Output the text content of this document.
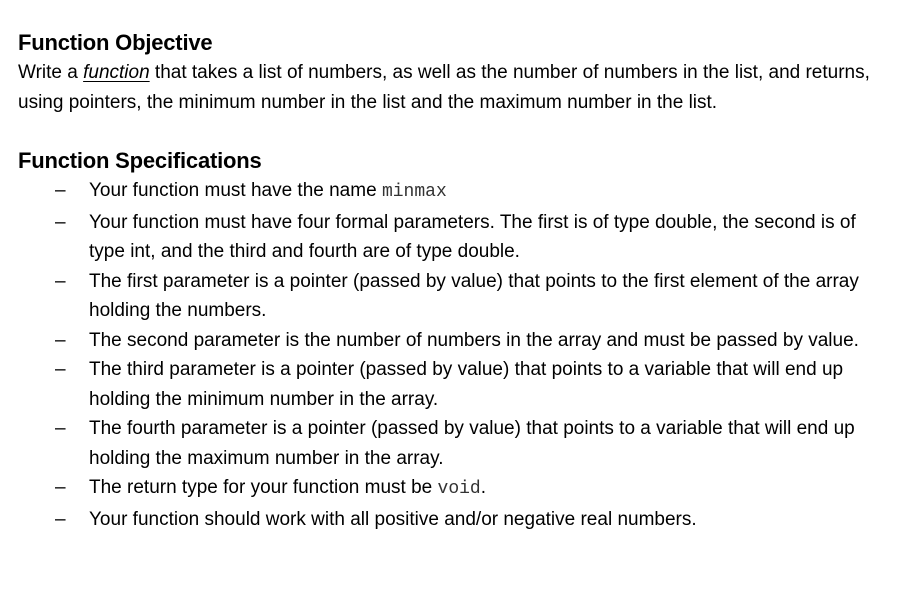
Function Objective

Write a function that takes a list of numbers, as well as the number of numbers in the list, and returns, using pointers, the minimum number in the list and the maximum number in the list.

Function Specifications
– Your function must have the name minmax
– Your function must have four formal parameters. The first is of type double, the second is of type int, and the third and fourth are of type double.
– The first parameter is a pointer (passed by value) that points to the first element of the array holding the numbers.
– The second parameter is the number of numbers in the array and must be passed by value.
– The third parameter is a pointer (passed by value) that points to a variable that will end up holding the minimum number in the array.
– The fourth parameter is a pointer (passed by value) that points to a variable that will end up holding the maximum number in the array.
– The return type for your function must be void.
– Your function should work with all positive and/or negative real numbers.
